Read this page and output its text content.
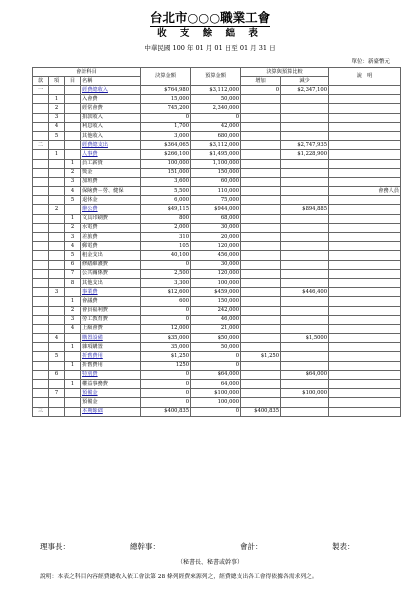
台北市○○○職業工會
收 支 餘 絀 表
中華民國 100 年 01 月 01 日至 01 月 31 日
單位：新臺幣元
會計科目				決算金額	預算金額	決算與預算比較		說　明
款	項	目	名稱			增加	減少	
一			經費總收入	$764,980	$3,112,000	0	$2,347,100	
	1		入會費	15,000	50,000			
	2		經常會費	745,200	2,340,000			
	3		捐款收入	0	0			
	4		利息收入	1,700	42,000			
	5		其他收入	3,000	680,000			
二			經費總支出	$364,065	$3,112,000		$2,747,935	
	1		人事費	$266,100	$1,495,000		$1,228,900	
		1	員工薪資	100,000	1,100,000			
		2	獎金	151,000	150,000			
		3	加班費	3,600	60,000			
		4	保險費－勞、健保	5,500	110,000			會務人員
		5	退休金	6,000	75,000			
	2		辦公費	$49,115	$944,000		$894,885	
		1	文具印刷費	800	68,000			
		2	水電費	2,000	30,000			
		3	差旅費	310	20,000			
		4	郵電費	105	120,000			
		5	租金支出	40,100	456,000			
		6	修繕維護費	0	30,000			
		7	公共關係費	2,500	120,000			
		8	其他支出	3,300	100,000			
	3		事業費	$12,600	$459,000		$446,400	
		1	會議費	600	150,000			
		2	會員福利費	0	242,000			
		3	勞工教育費	0	46,000			
		4	上級會費	12,000	21,000			
	4		購置設備	$35,000	$50,000		$1,5000	
		1	雜項購置	35,000	50,000			
	5		折舊費用	$1,250	0	$1,250		
		1	折舊費用	1250	0			
	6		特別費	0	$64,000		$64,000	
		1	權益事務費	0	64,000			
	7		預備金	0	$100,000		$100,000	
			預備金	0	100,000			
三			本期餘絀	$400,835	0	$400,835		
理事長：	總幹事：	會計：	製表：
（秘書長、秘書或幹事）
說明：本表之科目內容經費總收入依工會法第 28 條列經費來源列之，經費總支出各工會得依據各需求列之。
